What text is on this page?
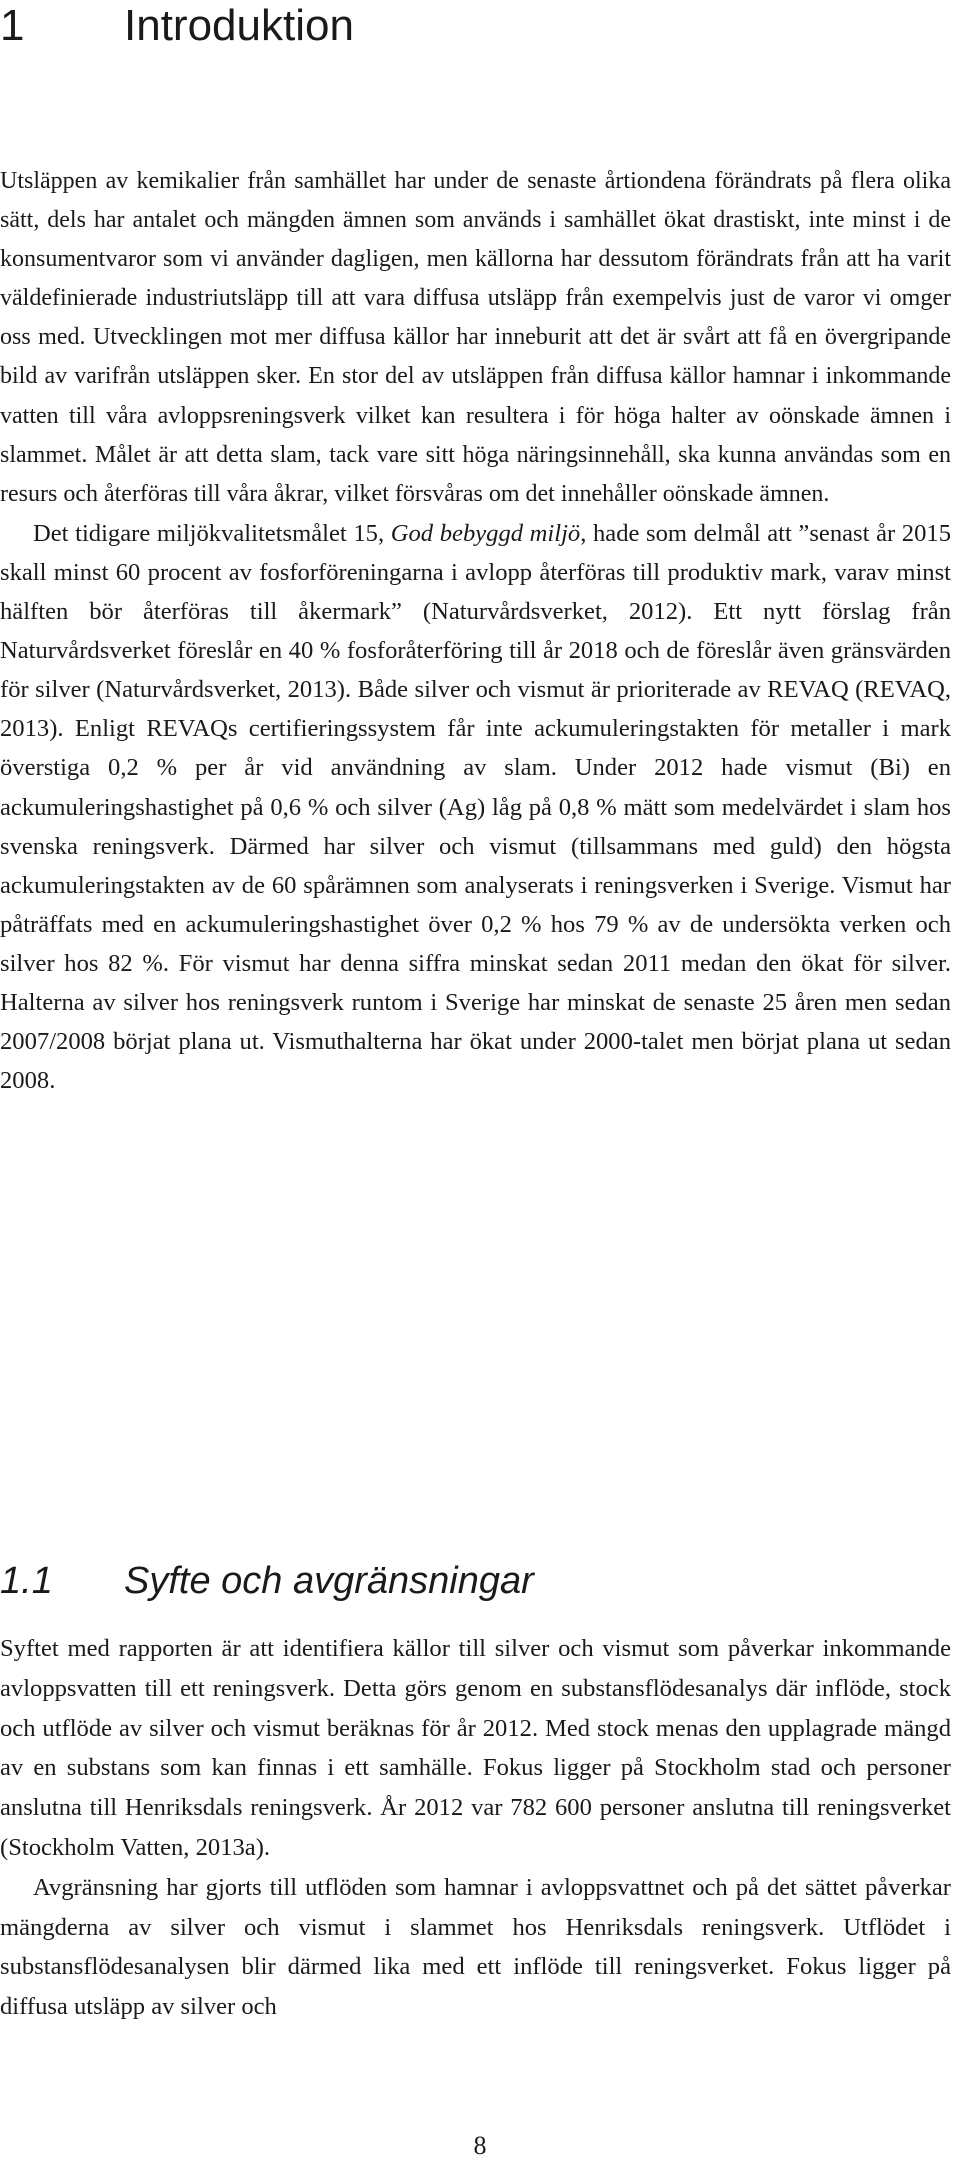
1 Introduktion

Utsläppen av kemikalier från samhället har under de senaste årtiondena förändrats på flera olika sätt, dels har antalet och mängden ämnen som används i samhället ökat drastiskt, inte minst i de konsumentvaror som vi använder dagligen, men källorna har dessutom förändrats från att ha varit väldefinierade industriutsläpp till att vara diffusa utsläpp från exempelvis just de varor vi omger oss med. Utvecklingen mot mer diffusa källor har inneburit att det är svårt att få en övergripande bild av varifrån utsläppen sker. En stor del av utsläppen från diffusa källor hamnar i inkommande vatten till våra avloppsreningsverk vilket kan resultera i för höga halter av oönskade ämnen i slammet. Målet är att detta slam, tack vare sitt höga näringsinnehåll, ska kunna användas som en resurs och återföras till våra åkrar, vilket försvåras om det innehåller oönskade ämnen.

Det tidigare miljökvalitetsmålet 15, God bebyggd miljö, hade som delmål att ”senast år 2015 skall minst 60 procent av fosforföreningarna i avlopp återföras till produktiv mark, varav minst hälften bör återföras till åkermark” (Naturvårdsverket, 2012). Ett nytt förslag från Naturvårdsverket föreslår en 40 % fosforåterföring till år 2018 och de föreslår även gränsvärden för silver (Naturvårdsverket, 2013). Både silver och vismut är prioriterade av REVAQ (REVAQ, 2013). Enligt REVAQs certifieringssystem får inte ackumuleringstakten för metaller i mark överstiga 0,2 % per år vid användning av slam. Under 2012 hade vismut (Bi) en ackumuleringshastighet på 0,6 % och silver (Ag) låg på 0,8 % mätt som medelvärdet i slam hos svenska reningsverk. Därmed har silver och vismut (tillsammans med guld) den högsta ackumuleringstakten av de 60 spårämnen som analyserats i reningsverken i Sverige. Vismut har påträffats med en ackumuleringshastighet över 0,2 % hos 79 % av de undersökta verken och silver hos 82 %. För vismut har denna siffra minskat sedan 2011 medan den ökat för silver. Halterna av silver hos reningsverk runtom i Sverige har minskat de senaste 25 åren men sedan 2007/2008 börjat plana ut. Vismuthalterna har ökat under 2000-talet men börjat plana ut sedan 2008.

1.1 Syfte och avgränsningar

Syftet med rapporten är att identifiera källor till silver och vismut som påverkar inkommande avloppsvatten till ett reningsverk. Detta görs genom en substansflödesanalys där inflöde, stock och utflöde av silver och vismut beräknas för år 2012. Med stock menas den upplagrade mängd av en substans som kan finnas i ett samhälle. Fokus ligger på Stockholm stad och personer anslutna till Henriksdals reningsverk. År 2012 var 782 600 personer anslutna till reningsverket (Stockholm Vatten, 2013a).

Avgränsning har gjorts till utflöden som hamnar i avloppsvattnet och på det sättet påverkar mängderna av silver och vismut i slammet hos Henriksdals reningsverk. Utflödet i substansflödesanalysen blir därmed lika med ett inflöde till reningsverket. Fokus ligger på diffusa utsläpp av silver och

8
